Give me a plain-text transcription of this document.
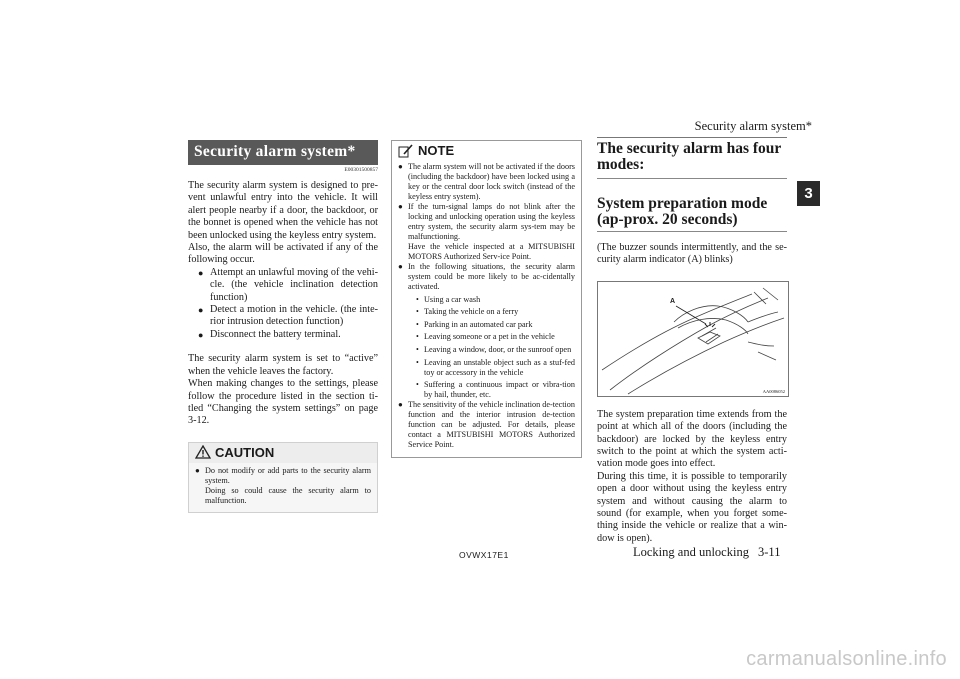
Security alarm system*
3
Security alarm system*
E00301500857

The security alarm system is designed to pre-vent unlawful entry into the vehicle. It will alert people nearby if a door, the backdoor, or the bonnet is opened when the vehicle has not been unlocked using the keyless entry system.

Also, the alarm will be activated if any of the following occur.

● Attempt an unlawful moving of the vehi-cle. (the vehicle inclination detection function)
● Detect a motion in the vehicle. (the inte-rior intrusion detection function)
● Disconnect the battery terminal.

The security alarm system is set to “active” when the vehicle leaves the factory.

When making changes to the settings, please follow the procedure listed in the section ti-tled “Changing the system settings” on page 3-12.

CAUTION
● Do not modify or add parts to the security alarm system.
Doing so could cause the security alarm to malfunction.
NOTE
● The alarm system will not be activated if the doors (including the backdoor) have been locked using a key or the central door lock switch (instead of the keyless entry system).
● If the turn-signal lamps do not blink after the locking and unlocking operation using the keyless entry system, the security alarm sys-tem may be malfunctioning.
Have the vehicle inspected at a MITSUBISHI MOTORS Authorized Serv-ice Point.
● In the following situations, the security alarm system could be more likely to be ac-cidentally activated.
• Using a car wash
• Taking the vehicle on a ferry
• Parking in an automated car park
• Leaving someone or a pet in the vehicle
• Leaving a window, door, or the sunroof open
• Leaving an unstable object such as a stuf-fed toy or accessory in the vehicle
• Suffering a continuous impact or vibra-tion by hail, thunder, etc.
● The sensitivity of the vehicle inclination de-tection function and the interior intrusion de-tection function can be adjusted. For details, please contact a MITSUBISHI MOTORS Authorized Service Point.
The security alarm has four modes:
System preparation mode (ap-prox. 20 seconds)

(The buzzer sounds intermittently, and the se-curity alarm indicator (A) blinks)

A
AA0086052

The system preparation time extends from the point at which all of the doors (including the backdoor) are locked by the keyless entry switch to the point at which the system acti-vation mode goes into effect.

During this time, it is possible to temporarily open a door without using the keyless entry system and without causing the alarm to sound (for example, when you forget some-thing inside the vehicle or realize that a win-dow is open).

OVWX17E1	Locking and unlocking 3-11
carmanualsonline.info
